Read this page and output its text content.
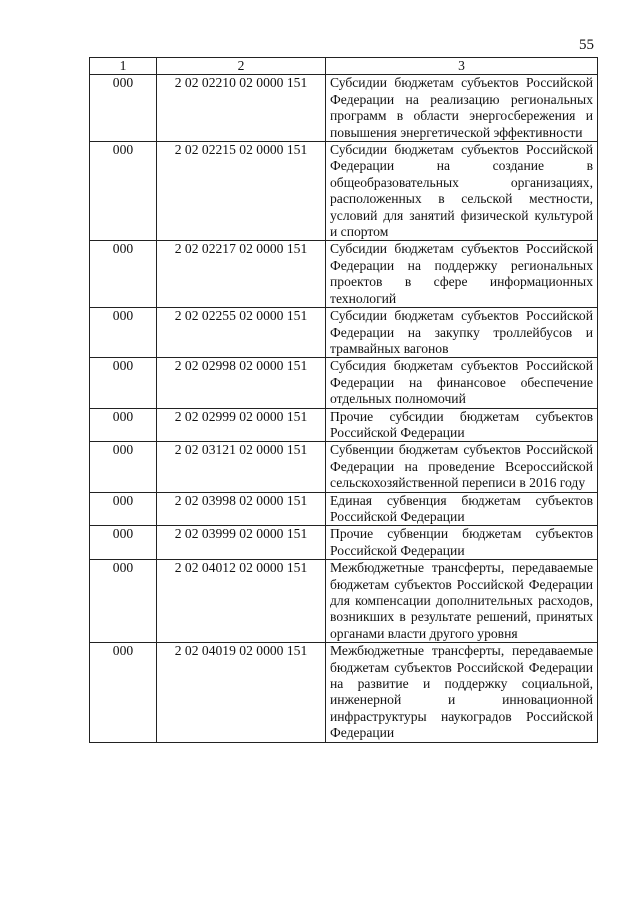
55
1	2	3
000	2 02 02210 02 0000 151	Субсидии бюджетам субъектов Российской Федерации на реализацию региональных программ в области энергосбережения и повышения энергетической эффективности
000	2 02 02215 02 0000 151	Субсидии бюджетам субъектов Российской Федерации на создание в общеобразовательных организациях, расположенных в сельской местности, условий для занятий физической культурой и спортом
000	2 02 02217 02 0000 151	Субсидии бюджетам субъектов Российской Федерации на поддержку региональных проектов в сфере информационных технологий
000	2 02 02255 02 0000 151	Субсидии бюджетам субъектов Российской Федерации на закупку троллейбусов и трамвайных вагонов
000	2 02 02998 02 0000 151	Субсидия бюджетам субъектов Российской Федерации на финансовое обеспечение отдельных полномочий
000	2 02 02999 02 0000 151	Прочие субсидии бюджетам субъектов Российской Федерации
000	2 02 03121 02 0000 151	Субвенции бюджетам субъектов Российской Федерации на проведение Всероссийской сельскохозяйственной переписи в 2016 году
000	2 02 03998 02 0000 151	Единая субвенция бюджетам субъектов Российской Федерации
000	2 02 03999 02 0000 151	Прочие субвенции бюджетам субъектов Российской Федерации
000	2 02 04012 02 0000 151	Межбюджетные трансферты, передаваемые бюджетам субъектов Российской Федерации для компенсации дополнительных расходов, возникших в результате решений, принятых органами власти другого уровня
000	2 02 04019 02 0000 151	Межбюджетные трансферты, передаваемые бюджетам субъектов Российской Федерации на развитие и поддержку социальной, инженерной и инновационной инфраструктуры наукоградов Российской Федерации
